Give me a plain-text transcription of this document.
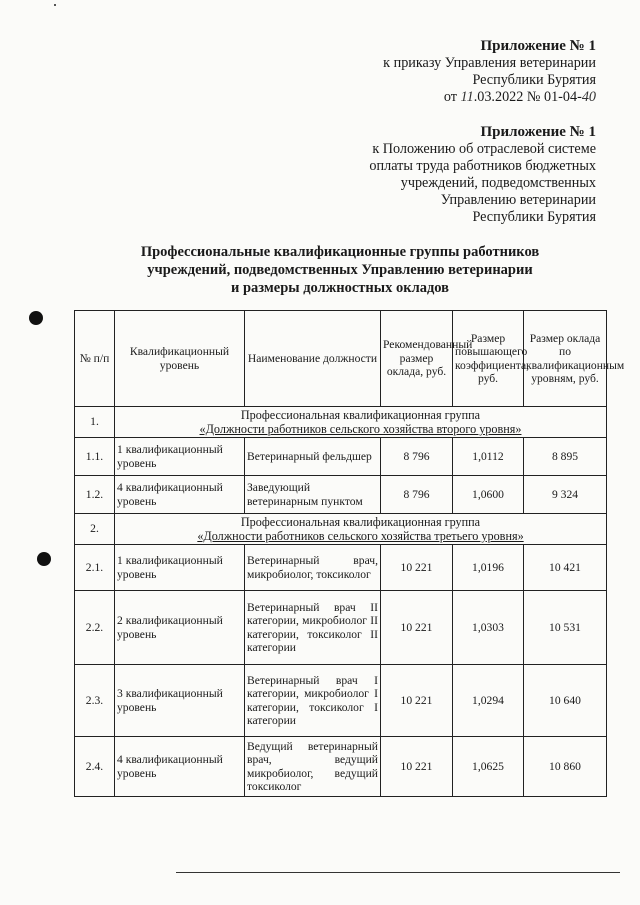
Приложение № 1
к приказу Управления ветеринарии
Республики Бурятия
от 11.03.2022 № 01-04-40
Приложение № 1
к Положению об отраслевой системе
оплаты труда работников бюджетных
учреждений, подведомственных
Управлению ветеринарии
Республики Бурятия
Профессиональные квалификационные группы работников
учреждений, подведомственных Управлению ветеринарии
и размеры должностных окладов
№ п/п	Квалификационный уровень	Наименование должности	Рекомендованный размер оклада, руб.	Размер повышающего коэффициента, руб.	Размер оклада по квалификационным уровням, руб.
1.	Профессиональная квалификационная группа
«Должности работников сельского хозяйства второго уровня»				

1.1.	1 квалификационный уровень	Ветеринарный фельдшер	8 796	1,0112	8 895
1.2.	4 квалификационный уровень	Заведующий ветеринарным пунктом	8 796	1,0600	9 324
2.	Профессиональная квалификационная группа
«Должности работников сельского хозяйства третьего уровня»				

2.1.	1 квалификационный уровень	Ветеринарный врач, микробиолог, токсиколог	10 221	1,0196	10 421
2.2.	2 квалификационный уровень	Ветеринарный врач II категории, микробиолог II категории, токсиколог II категории	10 221	1,0303	10 531
2.3.	3 квалификационный уровень	Ветеринарный врач I категории, микробиолог I категории, токсиколог I категории	10 221	1,0294	10 640
2.4.	4 квалификационный уровень	Ведущий ветеринарный врач, ведущий микробиолог, ведущий токсиколог	10 221	1,0625	10 860
